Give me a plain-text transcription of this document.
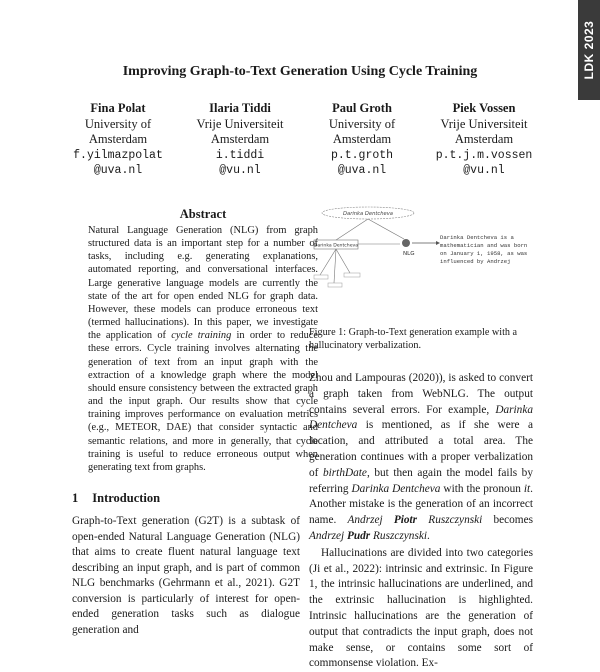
LDK 2023
Improving Graph-to-Text Generation Using Cycle Training
Fina Polat
University of
Amsterdam
f.yilmazpolat
@uva.nl
Ilaria Tiddi
Vrije Universiteit
Amsterdam
i.tiddi
@vu.nl
Paul Groth
University of
Amsterdam
p.t.groth
@uva.nl
Piek Vossen
Vrije Universiteit
Amsterdam
p.t.j.m.vossen
@vu.nl
Abstract

Natural Language Generation (NLG) from graph structured data is an important step for a number of tasks, including e.g. generating explanations, automated reporting, and conversational interfaces. Large generative language models are currently the state of the art for open ended NLG for graph data. However, these models can produce erroneous text (termed hallucinations). In this paper, we investigate the application of cycle training in order to reduce these errors. Cycle training involves alternating the generation of text from an input graph with the extraction of a knowledge graph where the model should ensure consistency between the extracted graph and the input graph. Our results show that cycle training improves performance on evaluation metrics (e.g., METEOR, DAE) that consider syntactic and semantic relations, and more in generally, that cycle training is useful to reduce erroneous output when generating text from graphs.

1 Introduction

Graph-to-Text generation (G2T) is a subtask of open-ended Natural Language Generation (NLG) that aims to create fluent natural language text describing an input graph, and is part of common NLG benchmarks (Gehrmann et al., 2021). G2T conversion is particularly of interest for open-ended generation tasks such as dialogue generation and

Darinka Dentcheva
Darinka Dentcheva
NLG
Darinka Dentcheva is a mathematician and was born on January 1, 1958, as was influenced by Andrzej

Figure 1: Graph-to-Text generation example with a hallucinatory verbalization.

Zhou and Lampouras (2020)), is asked to convert a graph taken from WebNLG. The output contains several errors. For example, Darinka Dentcheva is mentioned, as if she were a location, and attributed a total area. The generation continues with a proper verbalization of birthDate, but then again the model fails by referring Darinka Dentcheva with the pronoun it. Another mistake is the generation of an incorrect name. Andrzej Piotr Ruszczynski becomes Andrzej Pudr Ruszczynski.

Hallucinations are divided into two categories (Ji et al., 2022): intrinsic and extrinsic. In Figure 1, the intrinsic hallucinations are underlined, and the extrinsic hallucination is highlighted. Intrinsic hallucinations are the generation of output that contradicts the input graph, does not make sense, or contains some sort of commonsense violation. Ex-
